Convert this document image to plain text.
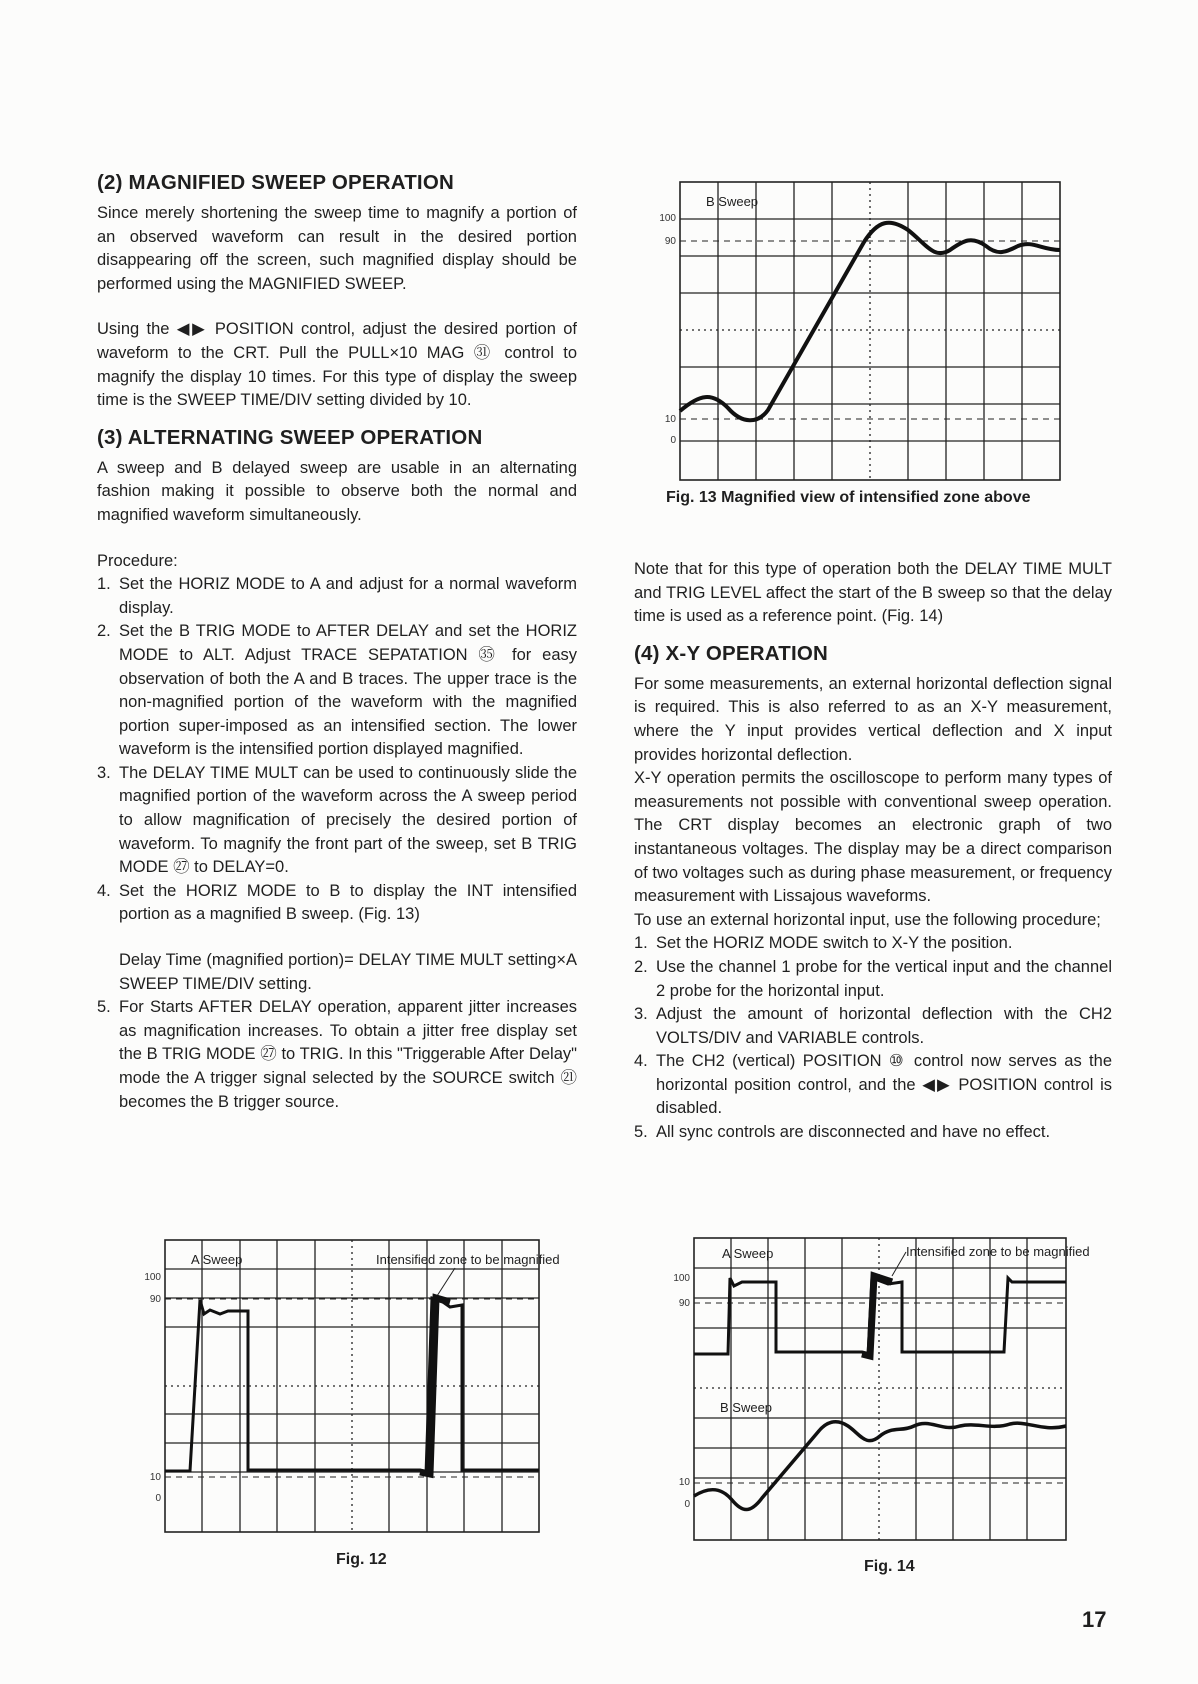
(2) MAGNIFIED SWEEP OPERATION

Since merely shortening the sweep time to magnify a portion of an observed waveform can result in the desired portion disappearing off the screen, such magnified display should be performed using the MAGNIFIED SWEEP.

Using the ◀▶ POSITION control, adjust the desired portion of waveform to the CRT. Pull the PULL×10 MAG ㉛ control to magnify the display 10 times. For this type of display the sweep time is the SWEEP TIME/DIV setting divided by 10.

(3) ALTERNATING SWEEP OPERATION

A sweep and B delayed sweep are usable in an alternating fashion making it possible to observe both the normal and magnified waveform simultaneously.

Procedure:

1. Set the HORIZ MODE to A and adjust for a normal waveform display.
2. Set the B TRIG MODE to AFTER DELAY and set the HORIZ MODE to ALT. Adjust TRACE SEPATATION ㉟ for easy observation of both the A and B traces. The upper trace is the non-magnified portion of the waveform with the magnified portion super-imposed as an intensified section. The lower waveform is the intensified portion displayed magnified.
3. The DELAY TIME MULT can be used to continuously slide the magnified portion of the waveform across the A sweep period to allow magnification of precisely the desired portion of waveform. To magnify the front part of the sweep, set B TRIG MODE ㉗ to DELAY=0.
4. Set the HORIZ MODE to B to display the INT intensified portion as a magnified B sweep. (Fig. 13)

Delay Time (magnified portion)= DELAY TIME MULT setting×A SWEEP TIME/DIV setting.

5. For Starts AFTER DELAY operation, apparent jitter increases as magnification increases. To obtain a jitter free display set the B TRIG MODE ㉗ to TRIG. In this "Triggerable After Delay" mode the A trigger signal selected by the SOURCE switch ㉑ becomes the B trigger source.

Note that for this type of operation both the DELAY TIME MULT and TRIG LEVEL affect the start of the B sweep so that the delay time is used as a reference point. (Fig. 14)

(4) X-Y OPERATION

For some measurements, an external horizontal deflection signal is required. This is also referred to as an X-Y measurement, where the Y input provides vertical deflection and X input provides horizontal deflection.

X-Y operation permits the oscilloscope to perform many types of measurements not possible with conventional sweep operation. The CRT display becomes an electronic graph of two instantaneous voltages. The display may be a direct comparison of two voltages such as during phase measurement, or frequency measurement with Lissajous waveforms.

To use an external horizontal input, use the following procedure;

1. Set the HORIZ MODE switch to X-Y the position.
2. Use the channel 1 probe for the vertical input and the channel 2 probe for the horizontal input.
3. Adjust the amount of horizontal deflection with the CH2 VOLTS/DIV and VARIABLE controls.
4. The CH2 (vertical) POSITION ⑩ control now serves as the horizontal position control, and the ◀▶ POSITION control is disabled.
5. All sync controls are disconnected and have no effect.
100
90
10
0
B Sweep
Fig. 13 Magnified view of intensified zone above
100
90
10
0
A Sweep	Intensified zone to be magnified
Fig. 12
100
90
10
0
A Sweep	Intensified zone to be magnified
B Sweep
Fig. 14
17
